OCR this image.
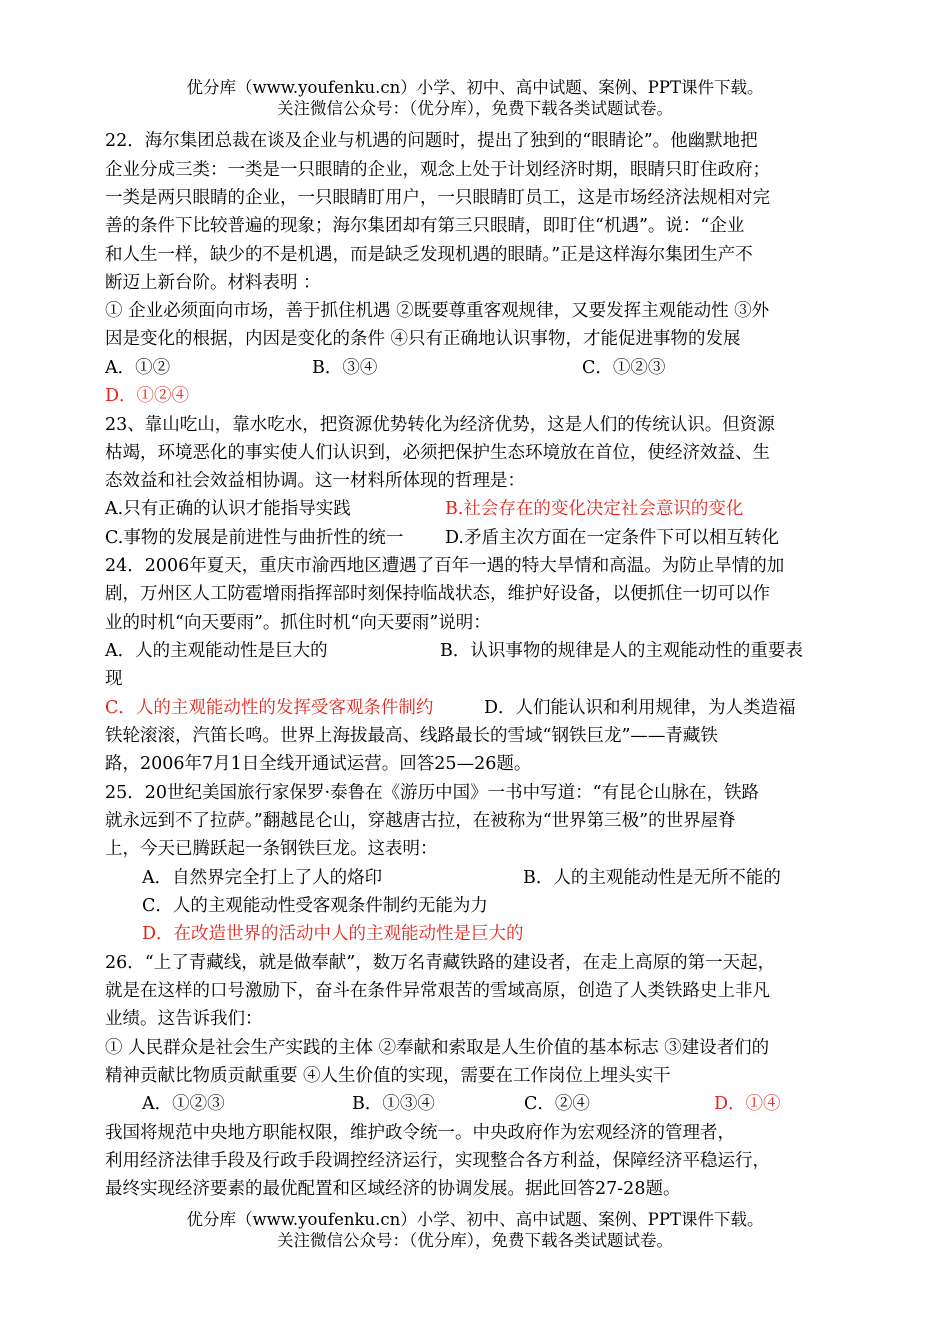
优分库（www.youfenku.cn）小学、初中、高中试题、案例、PPT课件下载。
关注微信公众号：（优分库），免费下载各类试题试卷。
22．海尔集团总裁在谈及企业与机遇的问题时，提出了独到的“眼睛论”。他幽默地把
企业分成三类：一类是一只眼睛的企业，观念上处于计划经济时期，眼睛只盯住政府；
一类是两只眼睛的企业，一只眼睛盯用户，一只眼睛盯员工，这是市场经济法规相对完
善的条件下比较普遍的现象；海尔集团却有第三只眼睛，即盯住“机遇”。说：“企业
和人生一样，缺少的不是机遇，而是缺乏发现机遇的眼睛。”正是这样海尔集团生产不
断迈上新台阶。材料表明 ：
① 企业必须面向市场，善于抓住机遇 ②既要尊重客观规律，又要发挥主观能动性 ③外
因是变化的根据，内因是变化的条件 ④只有正确地认识事物，才能促进事物的发展
A．①②	B．③④	C．①②③
D．①②④
23、靠山吃山，靠水吃水，把资源优势转化为经济优势，这是人们的传统认识。但资源
枯竭，环境恶化的事实使人们认识到，必须把保护生态环境放在首位，使经济效益、生
态效益和社会效益相协调。这一材料所体现的哲理是：
A.只有正确的认识才能指导实践	B.社会存在的变化决定社会意识的变化
C.事物的发展是前进性与曲折性的统一 D.矛盾主次方面在一定条件下可以相互转化
24．2006年夏天，重庆市渝西地区遭遇了百年一遇的特大旱情和高温。为防止旱情的加
剧，万州区人工防雹增雨指挥部时刻保持临战状态，维护好设备，以便抓住一切可以作
业的时机“向天要雨”。抓住时机“向天要雨”说明：
A．人的主观能动性是巨大的	B．认识事物的规律是人的主观能动性的重要表
现
C．人的主观能动性的发挥受客观条件制约	D．人们能认识和利用规律，为人类造福
铁轮滚滚，汽笛长鸣。世界上海拔最高、线路最长的雪域“钢铁巨龙”——青藏铁
路，2006年7月1日全线开通试运营。回答25—26题。
25．20世纪美国旅行家保罗·泰鲁在《游历中国》一书中写道：“有昆仑山脉在，铁路
就永远到不了拉萨。”翻越昆仑山，穿越唐古拉，在被称为“世界第三极”的世界屋脊
上，今天已腾跃起一条钢铁巨龙。这表明：
A．自然界完全打上了人的烙印	B．人的主观能动性是无所不能的
C．人的主观能动性受客观条件制约无能为力
D．在改造世界的活动中人的主观能动性是巨大的
26．“上了青藏线，就是做奉献”，数万名青藏铁路的建设者，在走上高原的第一天起，
就是在这样的口号激励下，奋斗在条件异常艰苦的雪域高原，创造了人类铁路史上非凡
业绩。这告诉我们：
① 人民群众是社会生产实践的主体 ②奉献和索取是人生价值的基本标志 ③建设者们的
精神贡献比物质贡献重要 ④人生价值的实现，需要在工作岗位上埋头实干
A．①②③	B．①③④	C．②④	D．①④
我国将规范中央地方职能权限，维护政令统一。中央政府作为宏观经济的管理者，
利用经济法律手段及行政手段调控经济运行，实现整合各方利益，保障经济平稳运行，
最终实现经济要素的最优配置和区域经济的协调发展。据此回答27-28题。
优分库（www.youfenku.cn）小学、初中、高中试题、案例、PPT课件下载。
关注微信公众号：（优分库），免费下载各类试题试卷。
